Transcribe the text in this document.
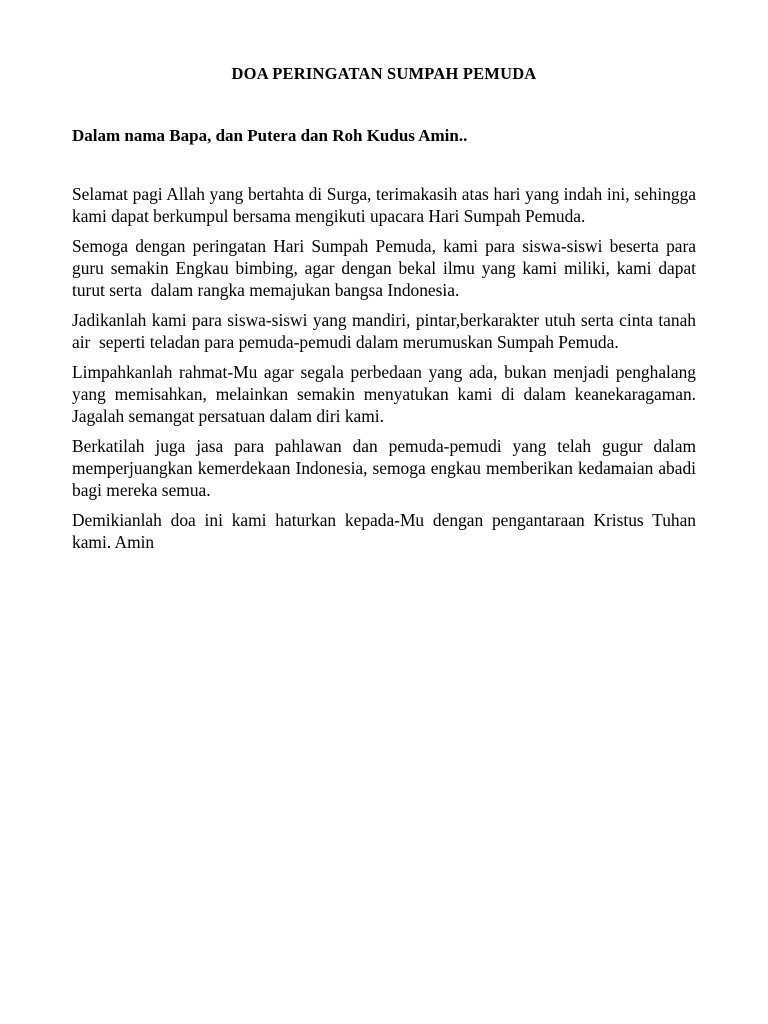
DOA PERINGATAN SUMPAH PEMUDA

Dalam nama Bapa, dan Putera dan Roh Kudus Amin..

Selamat pagi Allah yang bertahta di Surga, terimakasih atas hari yang indah ini, sehingga kami dapat berkumpul bersama mengikuti upacara Hari Sumpah Pemuda.

Semoga dengan peringatan Hari Sumpah Pemuda, kami para siswa-siswi beserta para guru semakin Engkau bimbing, agar dengan bekal ilmu yang kami miliki, kami dapat turut serta  dalam rangka memajukan bangsa Indonesia.

Jadikanlah kami para siswa-siswi yang mandiri, pintar,berkarakter utuh serta cinta tanah air  seperti teladan para pemuda-pemudi dalam merumuskan Sumpah Pemuda.

Limpahkanlah rahmat-Mu agar segala perbedaan yang ada, bukan menjadi penghalang yang memisahkan, melainkan semakin menyatukan kami di dalam keanekaragaman. Jagalah semangat persatuan dalam diri kami.

Berkatilah juga jasa para pahlawan dan pemuda-pemudi yang telah gugur dalam memperjuangkan kemerdekaan Indonesia, semoga engkau memberikan kedamaian abadi bagi mereka semua.

Demikianlah doa ini kami haturkan kepada-Mu dengan pengantaraan Kristus Tuhan kami. Amin
